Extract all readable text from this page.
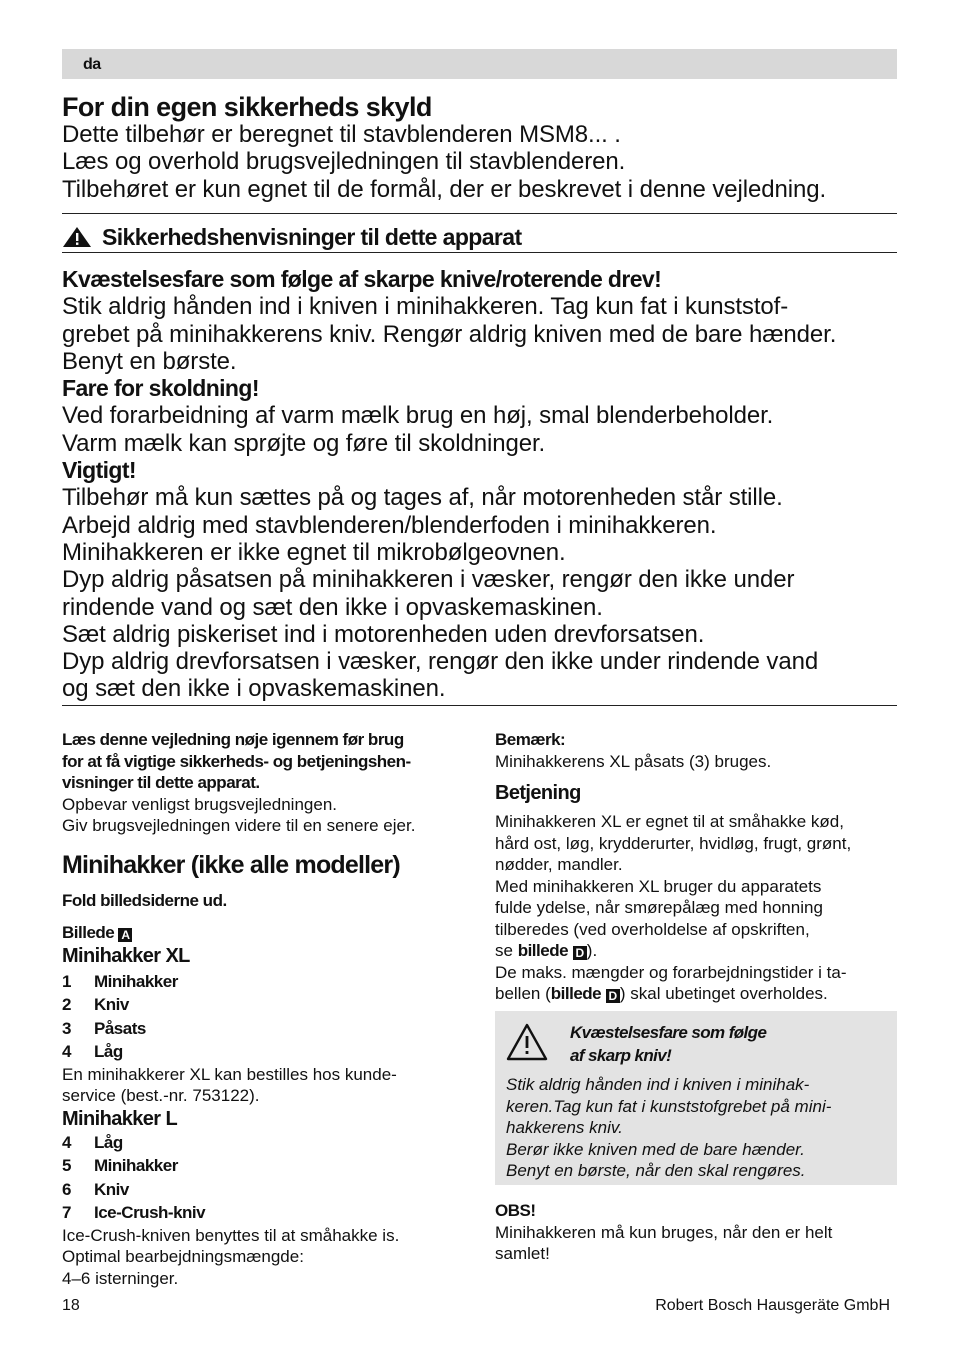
da
For din egen sikkerheds skyld
Dette tilbehør er beregnet til stavblenderen MSM8... .
Læs og overhold brugsvejledningen til stavblenderen.
Tilbehøret er kun egnet til de formål, der er beskrevet i denne vejledning.
Sikkerhedshenvisninger til dette apparat
Kvæstelsesfare som følge af skarpe knive/roterende drev!
Stik aldrig hånden ind i kniven i minihakkeren. Tag kun fat i kunststof-
grebet på minihakkerens kniv. Rengør aldrig kniven med de bare hænder.
Benyt en børste.
Fare for skoldning!
Ved forarbeidning af varm mælk brug en høj, smal blenderbeholder.
Varm mælk kan sprøjte og føre til skoldninger.
Vigtigt!
Tilbehør må kun sættes på og tages af, når motorenheden står stille.
Arbejd aldrig med stavblenderen/blenderfoden i minihakkeren.
Minihakkeren er ikke egnet til mikrobølgeovnen.
Dyp aldrig påsatsen på minihakkeren i væsker, rengør den ikke under
rindende vand og sæt den ikke i opvaskemaskinen.
Sæt aldrig piskeriset ind i motorenheden uden drevforsatsen.
Dyp aldrig drevforsatsen i væsker, rengør den ikke under rindende vand
og sæt den ikke i opvaskemaskinen.
Læs denne vejledning nøje igennem før brug
for at få vigtige sikkerheds- og betjeningshen-
visninger til dette apparat.
Opbevar venligst brugsvejledningen.
Giv brugsvejledningen videre til en senere ejer.
Minihakker (ikke alle modeller)
Fold billedsiderne ud.
Billede A
Minihakker XL
1	Minihakker
2	Kniv
3	Påsats
4	Låg
En minihakkerer XL kan bestilles hos kunde-
service (best.-nr. 753122).
Minihakker L
4	Låg
5	Minihakker
6	Kniv
7	Ice-Crush-kniv
Ice-Crush-kniven benyttes til at småhakke is.
Optimal bearbejdningsmængde:
4–6 isterninger.
Bemærk:
Minihakkerens XL påsats (3) bruges.
Betjening
Minihakkeren XL er egnet til at småhakke kød,
hård ost, løg, krydderurter, hvidløg, frugt, grønt,
nødder, mandler.
Med minihakkeren XL bruger du apparatets
fulde ydelse, når smørepålæg med honning
tilberedes (ved overholdelse af opskriften,
se billede D ).
De maks. mængder og forarbejdningstider i ta-
bellen (billede D ) skal ubetinget overholdes.
Kvæstelsesfare som følge
af skarp kniv!
Stik aldrig hånden ind i kniven i minihak-
keren.Tag kun fat i kunststofgrebet på mini-
hakkerens kniv.
Berør ikke kniven med de bare hænder.
Benyt en børste, når den skal rengøres.
OBS!
Minihakkeren må kun bruges, når den er helt
samlet!
18	Robert Bosch Hausgeräte GmbH
